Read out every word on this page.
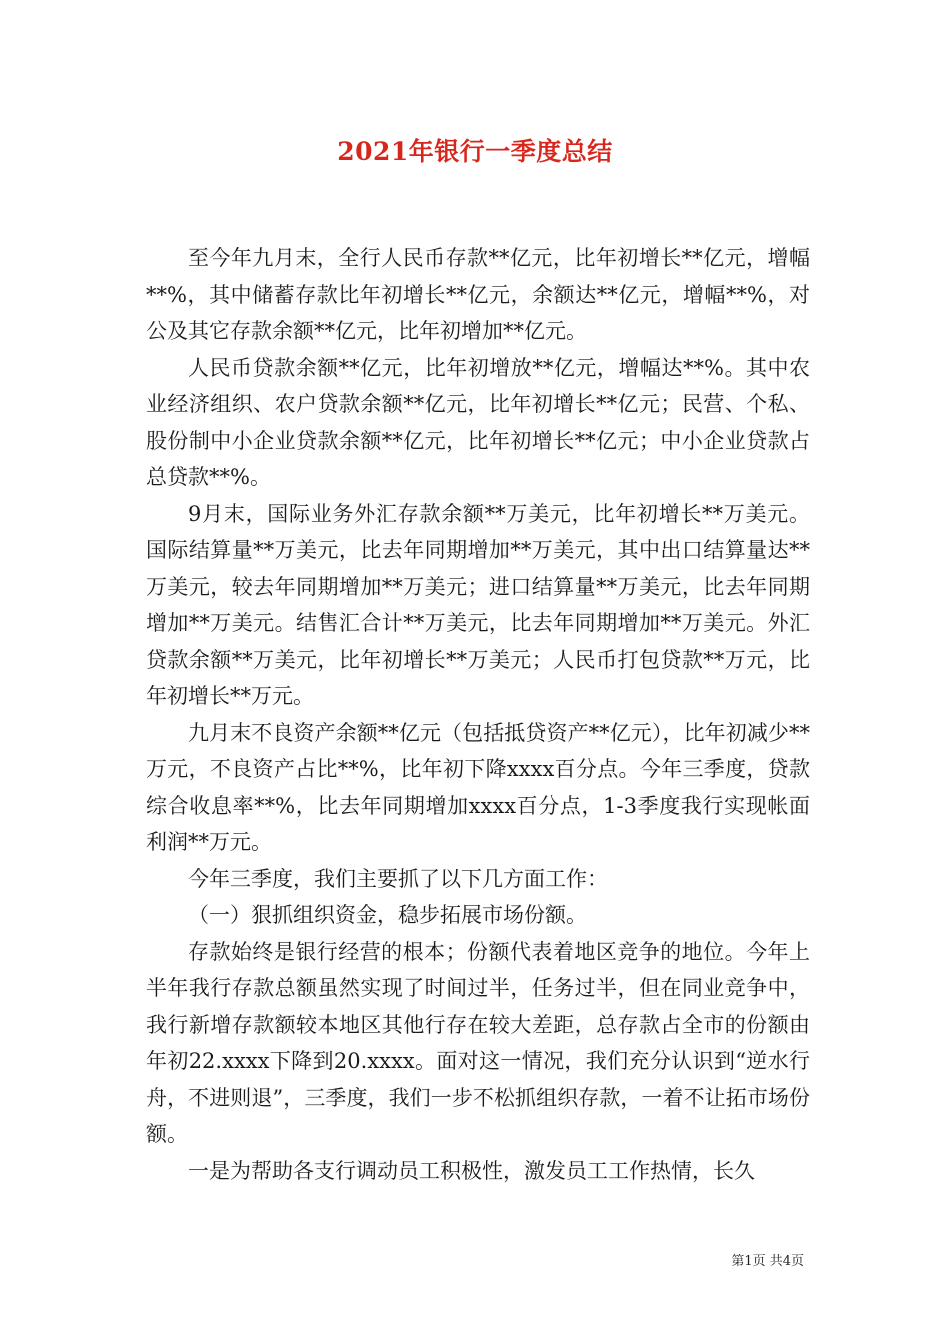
2021年银行一季度总结

至今年九月末，全行人民币存款**亿元，比年初增长**亿元，增幅**%，其中储蓄存款比年初增长**亿元，余额达**亿元，增幅**%，对公及其它存款余额**亿元，比年初增加**亿元。

人民币贷款余额**亿元，比年初增放**亿元，增幅达**%。其中农业经济组织、农户贷款余额**亿元，比年初增长**亿元；民营、个私、股份制中小企业贷款余额**亿元，比年初增长**亿元；中小企业贷款占总贷款**%。

9月末，国际业务外汇存款余额**万美元，比年初增长**万美元。国际结算量**万美元，比去年同期增加**万美元，其中出口结算量达**万美元，较去年同期增加**万美元；进口结算量**万美元，比去年同期增加**万美元。结售汇合计**万美元，比去年同期增加**万美元。外汇贷款余额**万美元，比年初增长**万美元；人民币打包贷款**万元，比年初增长**万元。

九月末不良资产余额**亿元（包括抵贷资产**亿元），比年初减少**万元，不良资产占比**%，比年初下降xxxx百分点。今年三季度，贷款综合收息率**%，比去年同期增加xxxx百分点，1-3季度我行实现帐面利润**万元。

今年三季度，我们主要抓了以下几方面工作：

（一）狠抓组织资金，稳步拓展市场份额。

存款始终是银行经营的根本；份额代表着地区竞争的地位。今年上半年我行存款总额虽然实现了时间过半，任务过半，但在同业竞争中，我行新增存款额较本地区其他行存在较大差距，总存款占全市的份额由年初22.xxxx下降到20.xxxx。面对这一情况，我们充分认识到“逆水行舟，不进则退”，三季度，我们一步不松抓组织存款，一着不让拓市场份额。

一是为帮助各支行调动员工积极性，激发员工工作热情，长久

第1页 共4页
